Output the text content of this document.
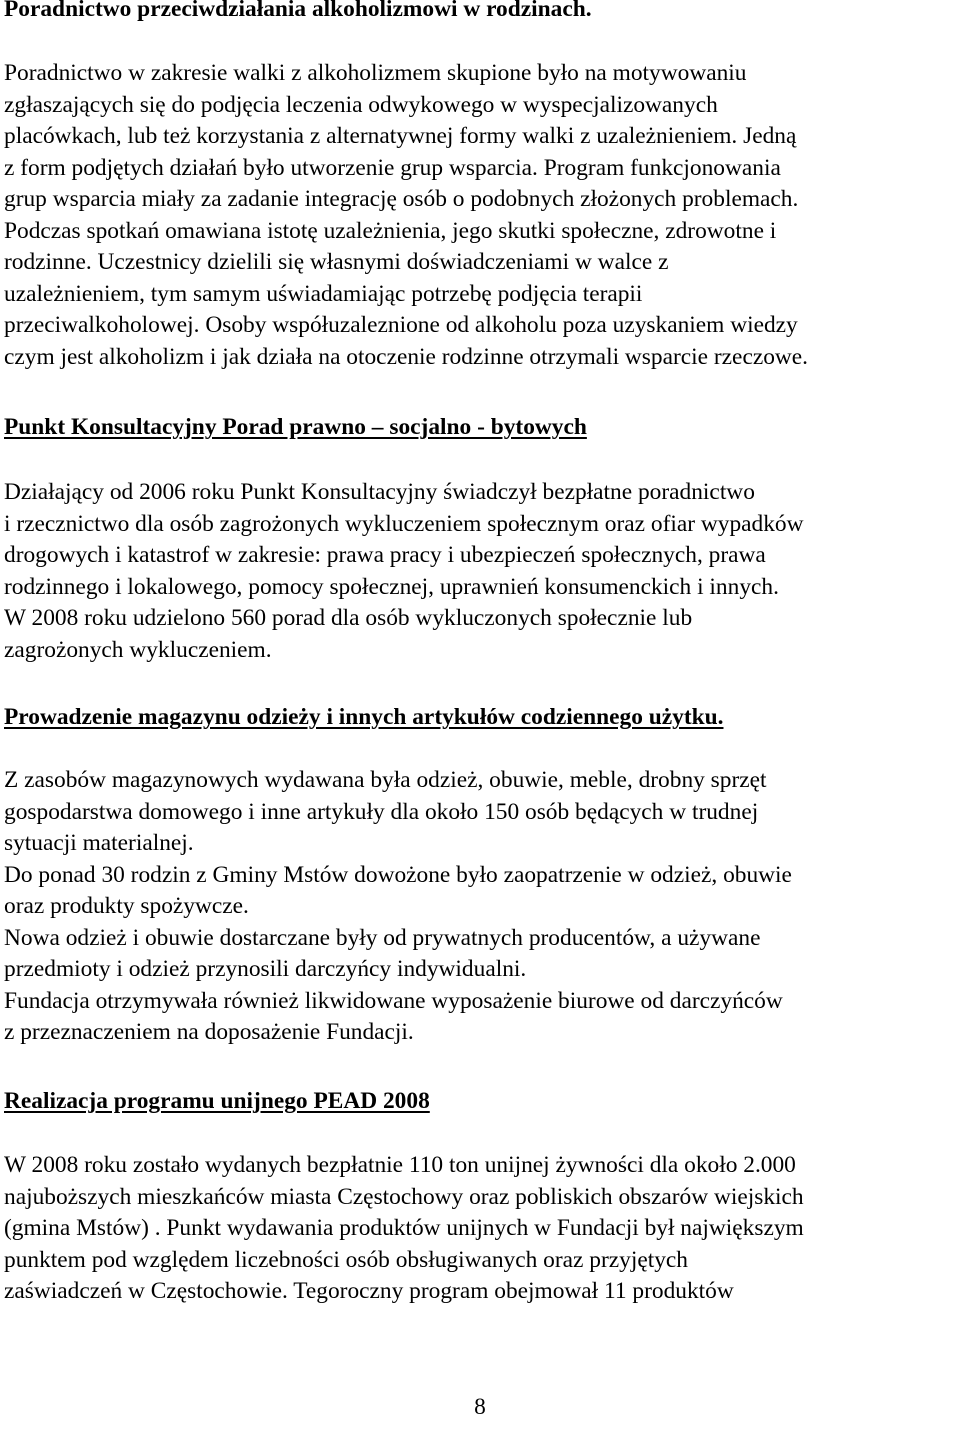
Poradnictwo przeciwdziałania alkoholizmowi w rodzinach.
Poradnictwo w zakresie walki z alkoholizmem skupione było na motywowaniu
zgłaszających się do podjęcia leczenia odwykowego w wyspecjalizowanych
placówkach, lub też korzystania z alternatywnej formy walki z uzależnieniem. Jedną
z form podjętych działań było utworzenie grup wsparcia. Program funkcjonowania
grup wsparcia miały za zadanie integrację osób o podobnych złożonych problemach.
Podczas spotkań omawiana istotę uzależnienia, jego skutki społeczne, zdrowotne i
rodzinne. Uczestnicy dzielili się własnymi doświadczeniami w walce z
uzależnieniem, tym samym uświadamiając potrzebę podjęcia terapii
przeciwalkoholowej. Osoby współuzaleznione od alkoholu poza uzyskaniem wiedzy
czym jest alkoholizm i jak działa na otoczenie rodzinne otrzymali wsparcie rzeczowe.
Punkt Konsultacyjny Porad prawno – socjalno - bytowych
Działający od 2006 roku Punkt Konsultacyjny świadczył bezpłatne poradnictwo
i rzecznictwo dla osób zagrożonych wykluczeniem społecznym oraz ofiar wypadków
drogowych i katastrof w zakresie: prawa pracy i ubezpieczeń społecznych, prawa
rodzinnego i lokalowego, pomocy społecznej, uprawnień konsumenckich i innych.
W 2008 roku udzielono 560 porad dla osób wykluczonych społecznie lub
zagrożonych wykluczeniem.
Prowadzenie magazynu odzieży i innych artykułów codziennego użytku.
Z zasobów magazynowych wydawana była odzież, obuwie, meble, drobny sprzęt
gospodarstwa domowego i inne artykuły dla około 150 osób będących w trudnej
sytuacji materialnej.
Do ponad 30 rodzin z Gminy Mstów dowożone było zaopatrzenie w odzież, obuwie
oraz produkty spożywcze.
Nowa odzież i obuwie dostarczane były od prywatnych producentów, a używane
przedmioty i odzież przynosili darczyńcy indywidualni.
Fundacja otrzymywała również likwidowane wyposażenie biurowe od darczyńców
z przeznaczeniem na doposażenie Fundacji.
Realizacja programu unijnego PEAD 2008
W 2008 roku zostało wydanych bezpłatnie 110 ton unijnej żywności dla około 2.000
najuboższych mieszkańców miasta Częstochowy oraz pobliskich obszarów wiejskich
(gmina Mstów) . Punkt wydawania produktów unijnych w Fundacji był największym
punktem pod względem liczebności osób obsługiwanych oraz przyjętych
zaświadczeń w Częstochowie. Tegoroczny program obejmował 11 produktów
8
